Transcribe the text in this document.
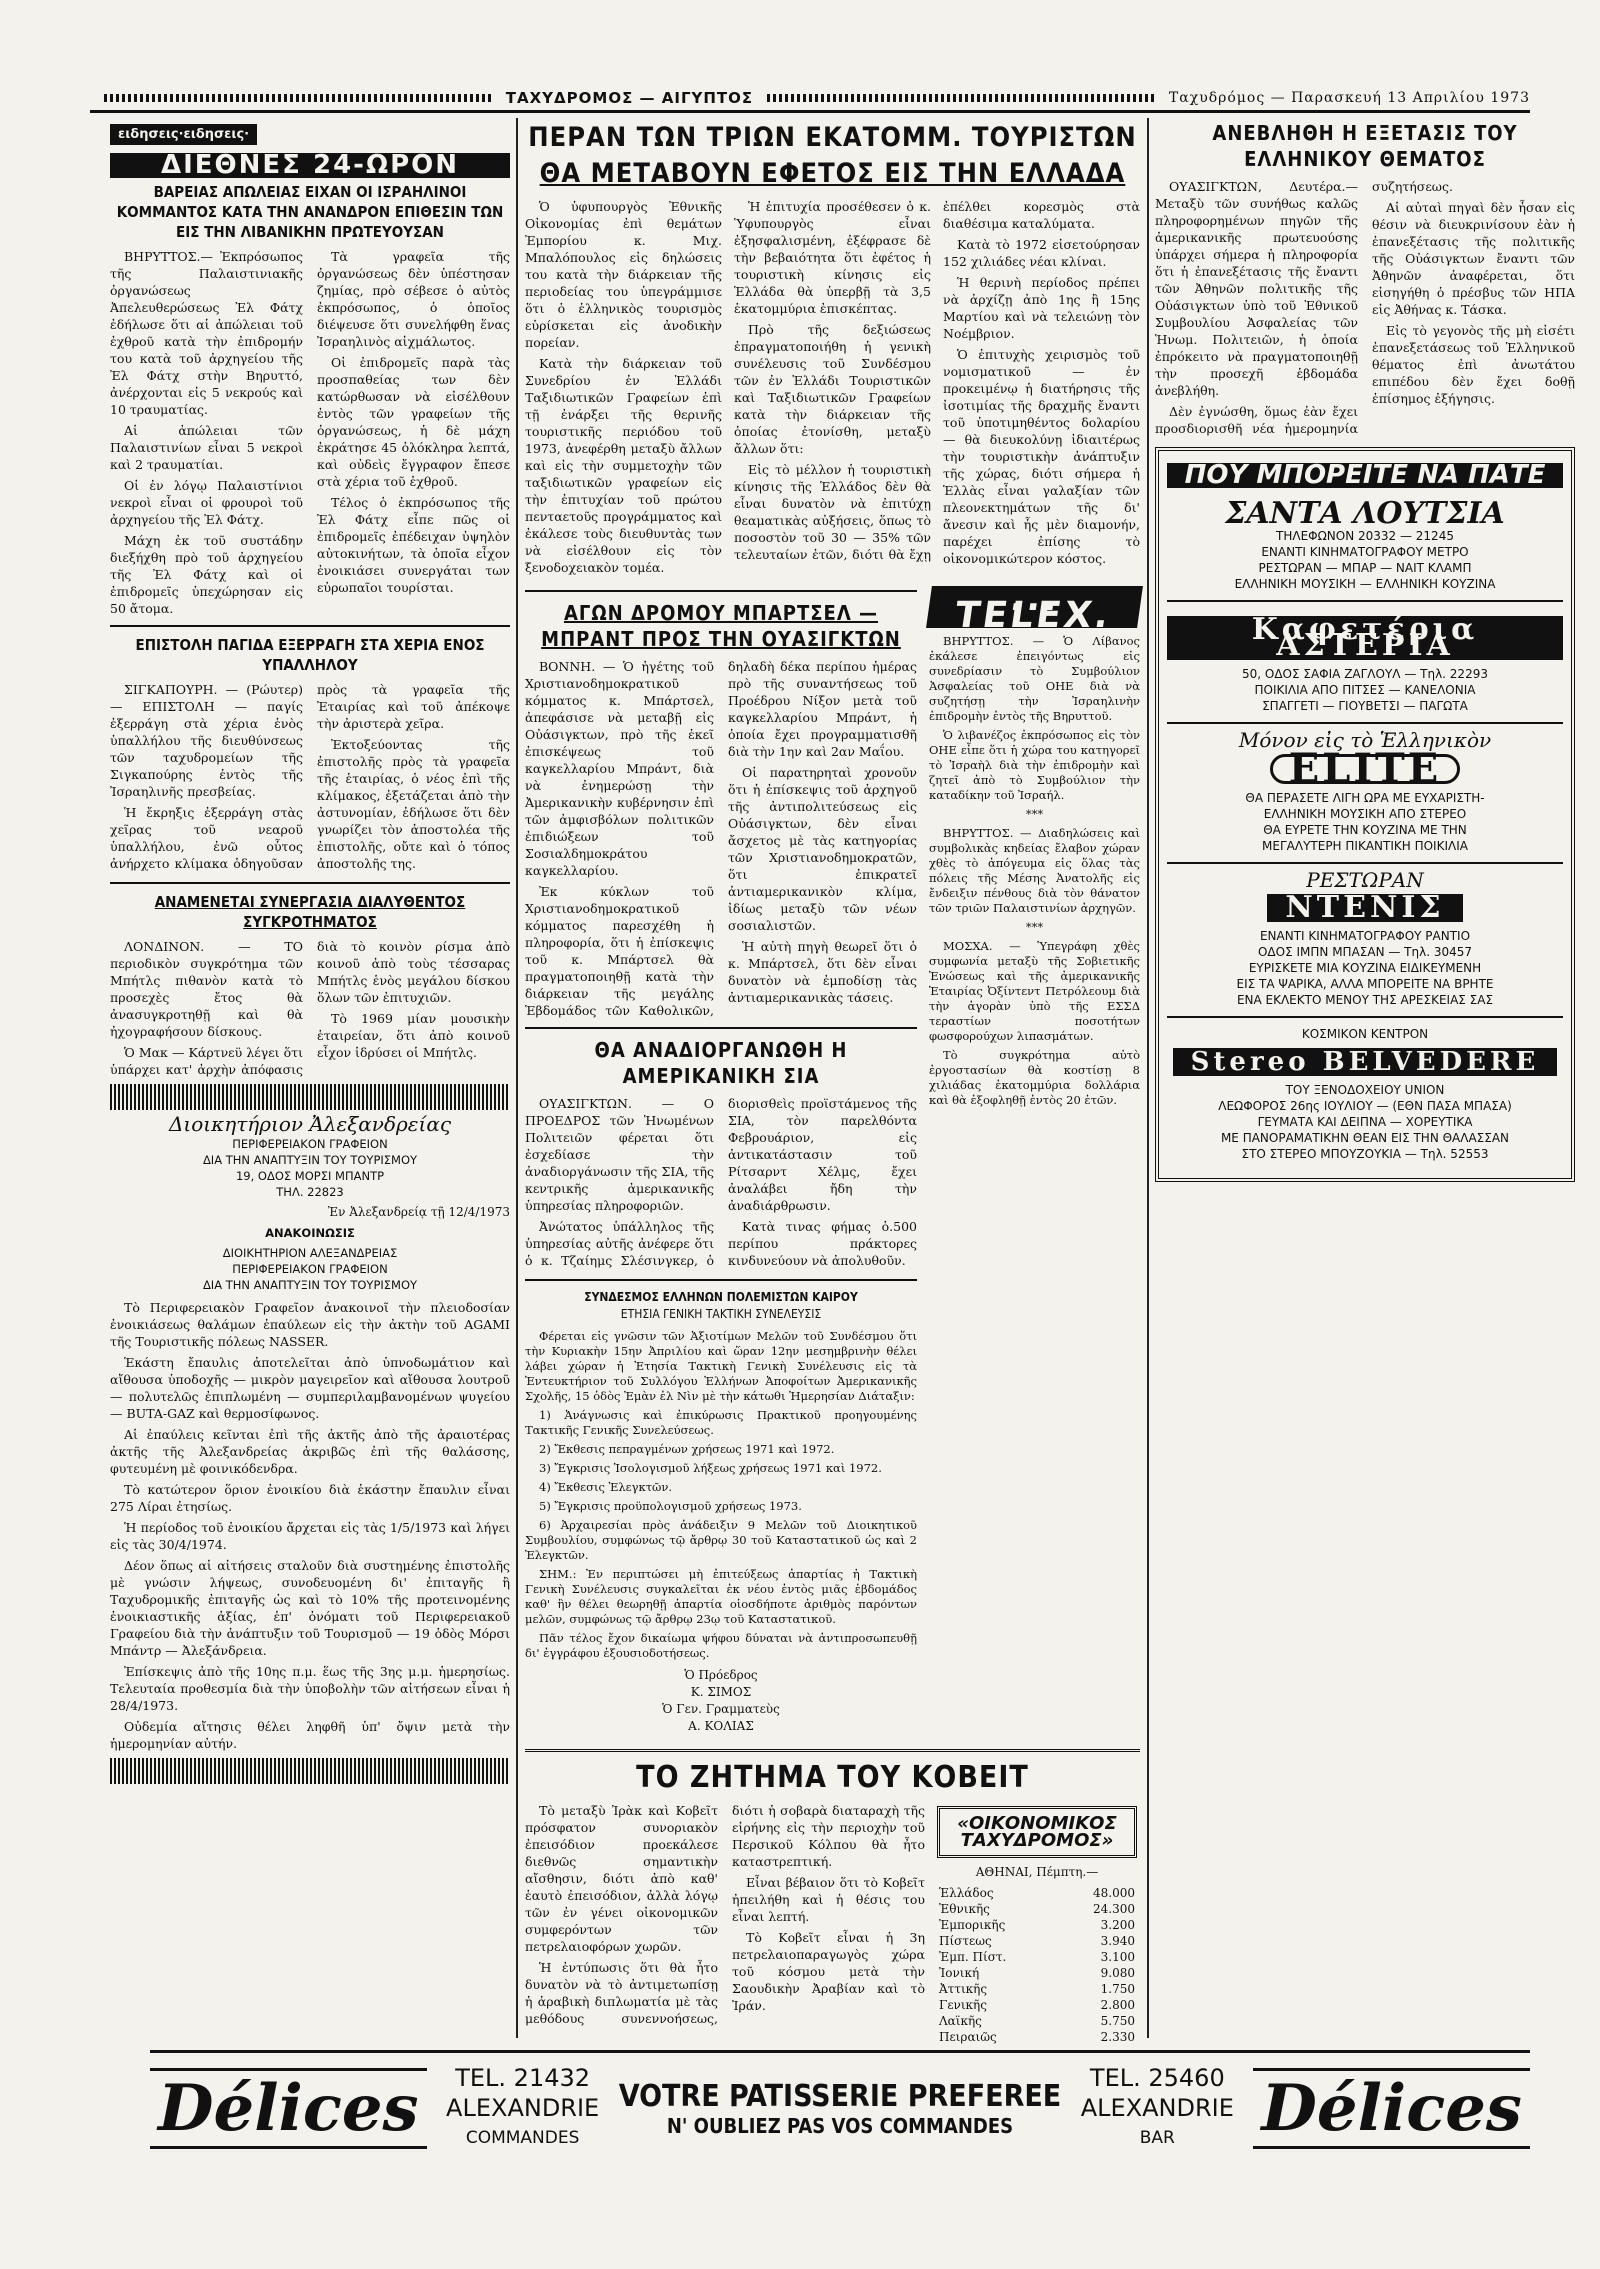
ΤΑΧΥΔΡΟΜΟΣ — ΑΙΓΥΠΤΟΣ	Ταχυδρόμος — Παρασκευή 13 Απριλίου 1973
ειδησεις·ειδησεις·
ΔΙΕΘΝΕΣ 24-ΩΡΟΝ
ΒΑΡΕΙΑΣ ΑΠΩΛΕΙΑΣ ΕΙΧΑΝ ΟΙ ΙΣΡΑΗΛΙΝΟΙ ΚΟΜΜΑΝΤΟΣ ΚΑΤΑ ΤΗΝ ΑΝΑΝΔΡΟΝ ΕΠΙΘΕΣΙΝ ΤΩΝ ΕΙΣ ΤΗΝ ΛΙΒΑΝΙΚΗΝ ΠΡΩΤΕΥΟΥΣΑΝ

ΒΗΡΥΤΤΟΣ.— Ἐκπρόσωπος τῆς Παλαιστινιακῆς ὀργανώσεως Ἀπελευθερώσεως Ἐλ Φάτχ ἐδήλωσε ὅτι αἱ ἀπώλειαι τοῦ ἐχθροῦ κατὰ τὴν ἐπιδρομήν του κατὰ τοῦ ἀρχηγείου τῆς Ἐλ Φάτχ στὴν Βηρυττό, ἀνέρχονται εἰς 5 νεκρούς καὶ 10 τραυματίας.

Αἱ ἀπώλειαι τῶν Παλαιστινίων εἶναι 5 νεκροὶ καὶ 2 τραυματίαι.

Οἱ ἐν λόγῳ Παλαιστίνιοι νεκροὶ εἶναι οἱ φρουροὶ τοῦ ἀρχηγείου τῆς Ἐλ Φάτχ.

Μάχη ἐκ τοῦ συστάδην διεξήχθη πρὸ τοῦ ἀρχηγείου τῆς Ἐλ Φάτχ καὶ οἱ ἐπιδρομεῖς ὑπεχώρησαν εἰς 50 ἄτομα.

Τὰ γραφεῖα τῆς ὀργανώσεως δὲν ὑπέστησαν ζημίας, πρὸ σέβεσε ὁ αὐτὸς ἐκπρόσωπος, ὁ ὁποῖος διέψευσε ὅτι συνελήφθη ἕνας Ἰσραηλινὸς αἰχμάλωτος.

Οἱ ἐπιδρομεῖς παρὰ τὰς προσπαθείας των δὲν κατώρθωσαν νὰ εἰσέλθουν ἐντὸς τῶν γραφείων τῆς ὀργανώσεως, ἡ δὲ μάχη ἐκράτησε 45 ὁλόκληρα λεπτά, καὶ οὐδεὶς ἔγγραφον ἔπεσε στὰ χέρια τοῦ ἐχθροῦ.

Τέλος ὁ ἐκπρόσωπος τῆς Ἐλ Φάτχ εἶπε πῶς οἱ ἐπιδρομεῖς ἐπέδειχαν ὑψηλὸν αὐτοκινήτων, τὰ ὁποῖα εἶχον ἐνοικιάσει συνεργάται των εὐρωπαῖοι τουρίσται.

ΕΠΙΣΤΟΛΗ ΠΑΓΙΔΑ ΕΞΕΡΡΑΓΗ ΣΤΑ ΧΕΡΙΑ ΕΝΟΣ ΥΠΑΛΛΗΛΟΥ

ΣΙΓΚΑΠΟΥΡΗ. — (Ρώυτερ) — ΕΠΙΣΤΟΛΗ — παγίς ἐξερράγη στὰ χέρια ἑνὸς ὑπαλλήλου τῆς διευθύνσεως τῶν ταχυδρομείων τῆς Σιγκαπούρης ἐντὸς τῆς Ἰσραηλινῆς πρεσβείας.

Ἡ ἔκρηξις ἐξερράγη στὰς χεῖρας τοῦ νεαροῦ ὑπαλλήλου, ἐνῶ οὗτος ἀνήρχετο κλίμακα ὁδηγοῦσαν πρὸς τὰ γραφεῖα τῆς Ἐταιρίας καὶ τοῦ ἀπέκοψε τὴν ἀριστερὰ χεῖρα.

Ἐκτοξεύοντας τῆς ἐπιστολῆς πρὸς τὰ γραφεῖα τῆς ἑταιρίας, ὁ νέος ἐπὶ τῆς κλίμακος, ἐξετάζεται ἀπὸ τὴν ἀστυνομίαν, ἐδήλωσε ὅτι δὲν γνωρίζει τὸν ἀποστολέα τῆς ἐπιστολῆς, οὔτε καὶ ὁ τόπος ἀποστολῆς της.

ΑΝΑΜΕΝΕΤΑΙ ΣΥΝΕΡΓΑΣΙΑ ΔΙΑΛΥΘΕΝΤΟΣ ΣΥΓΚΡΟΤΗΜΑΤΟΣ

ΛΟΝΔΙΝΟΝ. — ΤΟ περιοδικὸν συγκρότημα τῶν Μπήτλς πιθανὸν κατὰ τὸ προσεχὲς ἔτος θὰ ἀνασυγκροτηθῇ καὶ θὰ ἠχογραφήσουν δίσκους.

Ὁ Μακ — Κάρτνεϋ λέγει ὅτι ὑπάρχει κατ' ἀρχὴν ἀπόφασις διὰ τὸ κοινὸν ρίσμα ἀπὸ κοινοῦ ἀπὸ τοὺς τέσσαρας Μπήτλς ἑνὸς μεγάλου δίσκου ὅλων τῶν ἐπιτυχιῶν.

Τὸ 1969 μίαν μουσικὴν ἑταιρείαν, ὅτι ἀπὸ κοινοῦ εἶχον ἱδρύσει οἱ Μπήτλς.

Διοικητήριον Ἀλεξανδρείας
ΠΕΡΙΦΕΡΕΙΑΚΟΝ ΓΡΑΦΕΙΟΝ
ΔΙΑ ΤΗΝ ΑΝΑΠΤΥΞΙΝ ΤΟΥ ΤΟΥΡΙΣΜΟΥ
19, ΟΔΟΣ ΜΟΡΣΙ ΜΠΑΝΤΡ
ΤΗΛ. 22823
Ἐν Ἀλεξανδρείᾳ τῇ 12/4/1973
ΑΝΑΚΟΙΝΩΣΙΣ
ΔΙΟΙΚΗΤΗΡΙΟΝ ΑΛΕΞΑΝΔΡΕΙΑΣ
ΠΕΡΙΦΕΡΕΙΑΚΟΝ ΓΡΑΦΕΙΟΝ
ΔΙΑ ΤΗΝ ΑΝΑΠΤΥΞΙΝ ΤΟΥ ΤΟΥΡΙΣΜΟΥ

Τὸ Περιφερειακὸν Γραφεῖον ἀνακοινοῖ τὴν πλειοδοσίαν ἐνοικιάσεως θαλάμων ἐπαύλεων εἰς τὴν ἀκτὴν τοῦ AGAMI τῆς Τουριστικῆς πόλεως NASSER.

Ἑκάστη ἔπαυλις ἀποτελεῖται ἀπὸ ὑπνοδωμάτιον καὶ αἴθουσα ὑποδοχῆς — μικρὸν μαγειρεῖον καὶ αἴθουσα λουτροῦ — πολυτελῶς ἐπιπλωμένη — συμπεριλαμβανομένων ψυγείου — BUTA-GAZ καὶ θερμοσίφωνος.

Αἱ ἐπαύλεις κεῖνται ἐπὶ τῆς ἀκτῆς ἀπὸ τῆς ἀραιοτέρας ἀκτῆς τῆς Ἀλεξανδρείας ἀκριβῶς ἐπὶ τῆς θαλάσσης, φυτευμένη μὲ φοινικόδενδρα.

Τὸ κατώτερον ὅριον ἐνοικίου διὰ ἑκάστην ἔπαυλιν εἶναι 275 Λίραι ἐτησίως.

Ἡ περίοδος τοῦ ἐνοικίου ἄρχεται εἰς τὰς 1/5/1973 καὶ λήγει εἰς τὰς 30/4/1974.

Δέον ὅπως αἱ αἰτήσεις σταλοῦν διὰ συστημένης ἐπιστολῆς μὲ γνώσιν λήψεως, συνοδευομένη δι' ἐπιταγῆς ἢ Ταχυδρομικῆς ἐπιταγῆς ὡς καὶ τὸ 10% τῆς προτεινομένης ἐνοικιαστικῆς ἀξίας, ἐπ' ὀνόματι τοῦ Περιφερειακοῦ Γραφείου διὰ τὴν ἀνάπτυξιν τοῦ Τουρισμοῦ — 19 ὁδὸς Μόρσι Μπάντρ — Ἀλεξάνδρεια.

Ἐπίσκεψις ἀπὸ τῆς 10ης π.μ. ἕως τῆς 3ης μ.μ. ἡμερησίως. Τελευταία προθεσμία διὰ τὴν ὑποβολὴν τῶν αἰτήσεων εἶναι ἡ 28/4/1973.

Οὐδεμία αἴτησις θέλει ληφθῆ ὑπ' ὄψιν μετὰ τὴν ἡμερομηνίαν αὐτήν.

ΠΕΡΑΝ ΤΩΝ ΤΡΙΩΝ ΕΚΑΤΟΜΜ. ΤΟΥΡΙΣΤΩΝ
ΘΑ ΜΕΤΑΒΟΥΝ ΕΦΕΤΟΣ ΕΙΣ ΤΗΝ ΕΛΛΑΔΑ

Ὁ ὑφυπουργὸς Ἐθνικῆς Οἰκονομίας ἐπὶ θεμάτων Ἐμπορίου κ. Μιχ. Μπαλόπουλος εἰς δηλώσεις του κατὰ τὴν διάρκειαν τῆς περιοδείας του ὑπεγράμμισε ὅτι ὁ ἑλληνικὸς τουρισμὸς εὑρίσκεται εἰς ἀνοδικὴν πορείαν.

Κατὰ τὴν διάρκειαν τοῦ Συνεδρίου ἐν Ἑλλάδι Ταξιδιωτικῶν Γραφείων ἐπὶ τῇ ἐνάρξει τῆς θερινῆς τουριστικῆς περιόδου τοῦ 1973, ἀνεφέρθη μεταξὺ ἄλλων καὶ εἰς τὴν συμμετοχὴν τῶν ταξιδιωτικῶν γραφείων εἰς τὴν ἐπιτυχίαν τοῦ πρώτου πενταετοῦς προγράμματος καὶ ἐκάλεσε τοὺς διευθυντὰς των νὰ εἰσέλθουν εἰς τὸν ξενοδοχειακὸν τομέα.

Ἡ ἐπιτυχία προσέθεσεν ὁ κ. Ὑφυπουργὸς εἶναι ἐξησφαλισμένη, ἐξέφρασε δὲ τὴν βεβαιότητα ὅτι ἐφέτος ἡ τουριστικὴ κίνησις εἰς Ἑλλάδα θὰ ὑπερβῇ τὰ 3,5 ἑκατομμύρια ἐπισκέπτας.

Πρὸ τῆς δεξιώσεως ἐπραγματοποιήθη ἡ γενικὴ συνέλευσις τοῦ Συνδέσμου τῶν ἐν Ἑλλάδι Τουριστικῶν καὶ Ταξιδιωτικῶν Γραφείων κατὰ τὴν διάρκειαν τῆς ὁποίας ἐτονίσθη, μεταξὺ ἄλλων ὅτι:

Εἰς τὸ μέλλον ἡ τουριστικὴ κίνησις τῆς Ἑλλάδος δὲν θὰ εἶναι δυνατὸν νὰ ἐπιτύχῃ θεαματικὰς αὐξήσεις, ὅπως τὸ ποσοστὸν τοῦ 30 — 35% τῶν τελευταίων ἐτῶν, διότι θὰ ἔχῃ ἐπέλθει κορεσμὸς στὰ διαθέσιμα καταλύματα.

Κατὰ τὸ 1972 εἰσετούρησαν 152 χιλιάδες νέαι κλίναι.

Ἡ θερινὴ περίοδος πρέπει νὰ ἀρχίζῃ ἀπὸ 1ης ἢ 15ης Μαρτίου καὶ νὰ τελειώνῃ τὸν Νοέμβριον.

Ὁ ἐπιτυχὴς χειρισμὸς τοῦ νομισματικοῦ — ἐν προκειμένῳ ἡ διατήρησις τῆς ἰσοτιμίας τῆς δραχμῆς ἔναντι τοῦ ὑποτιμηθέντος δολαρίου — θὰ διευκολύνῃ ἰδιαιτέρως τὴν τουριστικὴν ἀνάπτυξιν τῆς χώρας, διότι σήμερα ἡ Ἑλλὰς εἶναι γαλαξίαν τῶν πλεονεκτημάτων τῆς δι' ἄνεσιν καὶ ἧς μὲν διαμονήν, παρέχει ἐπίσης τὸ οἰκονομικώτερον κόστος.

ΑΓΩΝ ΔΡΟΜΟΥ ΜΠΑΡΤΣΕΛ — ΜΠΡΑΝΤ ΠΡΟΣ ΤΗΝ ΟΥΑΣΙΓΚΤΩΝ

ΒΟΝΝΗ. — Ὁ ἡγέτης τοῦ Χριστιανοδημοκρατικοῦ κόμματος κ. Μπάρτσελ, ἀπεφάσισε νὰ μεταβῇ εἰς Οὐάσιγκτων, πρὸ τῆς ἐκεῖ ἐπισκέψεως τοῦ καγκελλαρίου Μπράντ, διὰ νὰ ἐνημερώσῃ τὴν Ἀμερικανικὴν κυβέρνησιν ἐπὶ τῶν ἀμφισβόλων πολιτικῶν ἐπιδιώξεων τοῦ Σοσιαλδημοκράτου καγκελλαρίου.

Ἐκ κύκλων τοῦ Χριστιανοδημοκρατικοῦ κόμματος παρεσχέθη ἡ πληροφορία, ὅτι ἡ ἐπίσκεψις τοῦ κ. Μπάρτσελ θὰ πραγματοποιηθῇ κατὰ τὴν διάρκειαν τῆς μεγάλης Ἑβδομάδος τῶν Καθολικῶν, δηλαδὴ δέκα περίπου ἡμέρας πρὸ τῆς συναντήσεως τοῦ Προέδρου Νίξον μετὰ τοῦ καγκελλαρίου Μπράντ, ἡ ὁποία ἔχει προγραμματισθῆ διὰ τὴν 1ην καὶ 2αν Μαΐου.

Οἱ παρατηρηταὶ χρονοῦν ὅτι ἡ ἐπίσκεψις τοῦ ἀρχηγοῦ τῆς ἀντιπολιτεύσεως εἰς Οὐάσιγκτων, δὲν εἶναι ἄσχετος μὲ τὰς κατηγορίας τῶν Χριστιανοδημοκρατῶν, ὅτι ἐπικρατεῖ ἀντιαμερικανικὸν κλίμα, ἰδίως μεταξὺ τῶν νέων σοσιαλιστῶν.

Ἡ αὐτὴ πηγὴ θεωρεῖ ὅτι ὁ κ. Μπάρτσελ, ὅτι δὲν εἶναι δυνατὸν νὰ ἐμποδίσῃ τὰς ἀντιαμερικανικὰς τάσεις.

ΘΑ ΑΝΑΔΙΟΡΓΑΝΩΘΗ Η ΑΜΕΡΙΚΑΝΙΚΗ ΣΙΑ

ΟΥΑΣΙΓΚΤΩΝ. — Ο ΠΡΟΕΔΡΟΣ τῶν Ἡνωμένων Πολιτειῶν φέρεται ὅτι ἐσχεδίασε τὴν ἀναδιοργάνωσιν τῆς ΣΙΑ, τῆς κεντρικῆς ἀμερικανικῆς ὑπηρεσίας πληροφοριῶν.

Ἀνώτατος ὑπάλληλος τῆς ὑπηρεσίας αὐτῆς ἀνέφερε ὅτι ὁ κ. Τζαίημς Σλέσινγκερ, ὁ διορισθεὶς προϊστάμενος τῆς ΣΙΑ, τὸν παρελθόντα Φεβρουάριον, εἰς ἀντικατάστασιν τοῦ Ρίτσαρντ Χέλμς, ἔχει ἀναλάβει ἤδη τὴν ἀναδιάρθρωσιν.

Κατὰ τινας φήμας ὁ.500 περίπου πράκτορες κινδυνεύουν νὰ ἀπολυθοῦν.

ΣΥΝΔΕΣΜΟΣ ΕΛΛΗΝΩΝ ΠΟΛΕΜΙΣΤΩΝ ΚΑΙΡΟΥ
ΕΤΗΣΙΑ ΓΕΝΙΚΗ ΤΑΚΤΙΚΗ ΣΥΝΕΛΕΥΣΙΣ

Φέρεται εἰς γνῶσιν τῶν Ἀξιοτίμων Μελῶν τοῦ Συνδέσμου ὅτι τὴν Κυριακὴν 15ην Ἀπριλίου καὶ ὥραν 12ην μεσημβρινὴν θέλει λάβει χώραν ἡ Ἐτησία Τακτικὴ Γενικὴ Συνέλευσις εἰς τὰ Ἐντευκτήριον τοῦ Συλλόγου Ἑλλήνων Ἀποφοίτων Ἀμερικανικῆς Σχολῆς, 15 ὁδὸς Ἐμὰν ἐλ Νὶν μὲ τὴν κάτωθι Ἡμερησίαν Διάταξιν:

1) Ἀνάγνωσις καὶ ἐπικύρωσις Πρακτικοῦ προηγουμένης Τακτικῆς Γενικῆς Συνελεύσεως.

2) Ἔκθεσις πεπραγμένων χρήσεως 1971 καὶ 1972.

3) Ἔγκρισις Ἰσολογισμοῦ λήξεως χρήσεως 1971 καὶ 1972.

4) Ἔκθεσις Ἐλεγκτῶν.

5) Ἔγκρισις προϋπολογισμοῦ χρήσεως 1973.

6) Ἀρχαιρεσίαι πρὸς ἀνάδειξιν 9 Μελῶν τοῦ Διοικητικοῦ Συμβουλίου, συμφώνως τῷ ἄρθρῳ 30 τοῦ Καταστατικοῦ ὡς καὶ 2 Ἐλεγκτῶν.

ΣΗΜ.: Ἐν περιπτώσει μὴ ἐπιτεύξεως ἀπαρτίας ἡ Τακτικὴ Γενικὴ Συνέλευσις συγκαλεῖται ἐκ νέου ἐντὸς μιᾶς ἑβδομάδος καθ' ἣν θέλει θεωρηθῇ ἀπαρτία οἱοσδήποτε ἀριθμὸς παρόντων μελῶν, συμφώνως τῷ ἄρθρῳ 23ῳ τοῦ Καταστατικοῦ.

Πᾶν τέλος ἔχον δικαίωμα ψήφου δύναται νὰ ἀντιπροσωπευθῇ δι' ἐγγράφου ἐξουσιοδοτήσεως.

Ὁ Πρόεδρος
Κ. ΣΙΜΟΣ
Ὁ Γεν. Γραμματεὺς
Α. ΚΟΛΙΑΣ
... TELEX.

ΒΗΡΥΤΤΟΣ. — Ὁ Λίβανος ἐκάλεσε ἐπειγόντως εἰς συνεδρίασιν τὸ Συμβούλιον Ἀσφαλείας τοῦ ΟΗΕ διὰ νὰ συζητήσῃ τὴν Ἰσραηλινὴν ἐπιδρομὴν ἐντὸς τῆς Βηρυττοῦ.

Ὁ λιβανέζος ἐκπρόσωπος εἰς τὸν ΟΗΕ εἶπε ὅτι ἡ χώρα του κατηγορεῖ τὸ Ἰσραὴλ διὰ τὴν ἐπιδρομὴν καὶ ζητεῖ ἀπὸ τὸ Συμβούλιον τὴν καταδίκην τοῦ Ἰσραήλ.

***

ΒΗΡΥΤΤΟΣ. — Διαδηλώσεις καὶ συμβολικὰς κηδείας ἔλαβον χώραν χθὲς τὸ ἀπόγευμα εἰς ὅλας τὰς πόλεις τῆς Μέσης Ἀνατολῆς εἰς ἔνδειξιν πένθους διὰ τὸν θάνατον τῶν τριῶν Παλαιστινίων ἀρχηγῶν.

***

ΜΟΣΧΑ. — Ὑπεγράφη χθὲς συμφωνία μεταξὺ τῆς Σοβιετικῆς Ἑνώσεως καὶ τῆς ἀμερικανικῆς Ἑταιρίας Ὀξίντεντ Πετρόλεουμ διὰ τὴν ἀγορὰν ὑπὸ τῆς ΕΣΣΔ τεραστίων ποσοτήτων φωσφορούχων λιπασμάτων.

Τὸ συγκρότημα αὐτὸ ἐργοστασίων θὰ κοστίσῃ 8 χιλιάδας ἑκατομμύρια δολλάρια καὶ θὰ ἐξοφληθῇ ἐντὸς 20 ἐτῶν.

ΤΟ ΖΗΤΗΜΑ ΤΟΥ ΚΟΒΕΙΤ

Τὸ μεταξὺ Ἰρὰκ καὶ Κοβεῖτ πρόσφατον συνοριακὸν ἐπεισόδιον προεκάλεσε διεθνῶς σημαντικὴν αἴσθησιν, διότι ἀπὸ καθ' ἑαυτὸ ἐπεισόδιον, ἀλλὰ λόγῳ τῶν ἐν γένει οἰκονομικῶν συμφερόντων τῶν πετρελαιοφόρων χωρῶν.

Ἡ ἐντύπωσις ὅτι θὰ ἦτο δυνατὸν νὰ τὸ ἀντιμετωπίσῃ ἡ ἀραβικὴ διπλωματία μὲ τὰς μεθόδους συνεννοήσεως, διότι ἡ σοβαρὰ διαταραχὴ τῆς εἰρήνης εἰς τὴν περιοχὴν τοῦ Περσικοῦ Κόλπου θὰ ἦτο καταστρεπτική.

Εἶναι βέβαιον ὅτι τὸ Κοβεῖτ ἠπειλήθη καὶ ἡ θέσις του εἶναι λεπτή.

Τὸ Κοβεῖτ εἶναι ἡ 3η πετρελαιοπαραγωγὸς χώρα τοῦ κόσμου μετὰ τὴν Σαουδικὴν Ἀραβίαν καὶ τὸ Ἰράν.

«ΟΙΚΟΝΟΜΙΚΟΣ ΤΑΧΥΔΡΟΜΟΣ»
ΑΘΗΝΑΙ, Πέμπτη.—
Ἑλλάδος	48.000
Ἐθνικῆς	24.300
Ἐμπορικῆς	3.200
Πίστεως	3.940
Ἐμπ. Πίστ.	3.100
Ἰονική	9.080
Ἀττικῆς	1.750
Γενικῆς	2.800
Λαϊκῆς	5.750
Πειραιῶς	2.330
ΑΝΕΒΛΗΘΗ Η ΕΞΕΤΑΣΙΣ ΤΟΥ ΕΛΛΗΝΙΚΟΥ ΘΕΜΑΤΟΣ

ΟΥΑΣΙΓΚΤΩΝ, Δευτέρα.— Μεταξὺ τῶν συνήθως καλῶς πληροφορημένων πηγῶν τῆς ἀμερικανικῆς πρωτευούσης ὑπάρχει σήμερα ἡ πληροφορία ὅτι ἡ ἐπανεξέτασις τῆς ἔναντι τῶν Ἀθηνῶν πολιτικῆς τῆς Οὐάσιγκτων ὑπὸ τοῦ Ἐθνικοῦ Συμβουλίου Ἀσφαλείας τῶν Ἡνωμ. Πολιτειῶν, ἡ ὁποία ἐπρόκειτο νὰ πραγματοποιηθῇ τὴν προσεχῆ ἑβδομάδα ἀνεβλήθη.

Δὲν ἐγνώσθη, ὅμως ἐὰν ἔχει προσδιορισθῆ νέα ἡμερομηνία συζητήσεως.

Αἱ αὐταὶ πηγαὶ δὲν ἦσαν εἰς θέσιν νὰ διευκρινίσουν ἐὰν ἡ ἐπανεξέτασις τῆς πολιτικῆς τῆς Οὐάσιγκτων ἔναντι τῶν Ἀθηνῶν ἀναφέρεται, ὅτι εἰσηγήθη ὁ πρέσβυς τῶν ΗΠΑ εἰς Ἀθήνας κ. Τάσκα.

Εἰς τὸ γεγονὸς τῆς μὴ εἰσέτι ἐπανεξετάσεως τοῦ Ἑλληνικοῦ θέματος ἐπὶ ἀνωτάτου επιπέδου δὲν ἔχει δοθῇ ἐπίσημος ἐξήγησις.

ΠΟΥ ΜΠΟΡΕΙΤΕ ΝΑ ΠΑΤΕ
ΣΑΝΤΑ ΛΟΥΤΣΙΑ
ΤΗΛΕΦΩΝΟΝ 20332 — 21245
ΕΝΑΝΤΙ ΚΙΝΗΜΑΤΟΓΡΑΦΟΥ ΜΕΤΡΟ
ΡΕΣΤΩΡΑΝ — ΜΠΑΡ — ΝΑΙΤ ΚΛΑΜΠ
ΕΛΛΗΝΙΚΗ ΜΟΥΣΙΚΗ — ΕΛΛΗΝΙΚΗ ΚΟΥΖΙΝΑ
Καφετέρια ΑΣΤΕΡΙΑ
50, ΟΔΟΣ ΣΑΦΙΑ ΖΑΓΛΟΥΛ — Τηλ. 22293
ΠΟΙΚΙΛΙΑ ΑΠΟ ΠΙΤΣΕΣ — ΚΑΝΕΛΟΝΙΑ
ΣΠΑΓΓΕΤΙ — ΓΙΟΥΒΕΤΣΙ — ΠΑΓΩΤΑ
Μόνον εἰς τὸ Ἑλληνικὸν
ELITE
ΘΑ ΠΕΡΑΣΕΤΕ ΛΙΓΗ ΩΡΑ ΜΕ ΕΥΧΑΡΙΣΤΗ-
ΕΛΛΗΝΙΚΗ ΜΟΥΣΙΚΗ ΑΠΟ ΣΤΕΡΕΟ
ΘΑ ΕΥΡΕΤΕ ΤΗΝ ΚΟΥΖΙΝΑ ΜΕ ΤΗΝ
ΜΕΓΑΛΥΤΕΡΗ ΠΙΚΑΝΤΙΚΗ ΠΟΙΚΙΛΙΑ
ΡΕΣΤΩΡΑΝ
ΝΤΕΝΙΣ
ΕΝΑΝΤΙ ΚΙΝΗΜΑΤΟΓΡΑΦΟΥ ΡΑΝΤΙΟ
ΟΔΟΣ ΙΜΠΝ ΜΠΑΣΑΝ — Τηλ. 30457
ΕΥΡΙΣΚΕΤΕ ΜΙΑ ΚΟΥΖΙΝΑ ΕΙΔΙΚΕΥΜΕΝΗ
ΕΙΣ ΤΑ ΨΑΡΙΚΑ, ΑΛΛΑ ΜΠΟΡΕΙΤΕ ΝΑ ΒΡΗΤΕ
ΕΝΑ ΕΚΛΕΚΤΟ ΜΕΝΟΥ ΤΗΣ ΑΡΕΣΚΕΙΑΣ ΣΑΣ
ΚΟΣΜΙΚΟΝ ΚΕΝΤΡΟΝ
Stereo BELVEDERE
ΤΟΥ ΞΕΝΟΔΟΧΕΙΟΥ UNION
ΛΕΩΦΟΡΟΣ 26ης ΙΟΥΛΙΟΥ — (ΕΘΝ ΠΑΣΑ ΜΠΑΣΑ)
ΓΕΥΜΑΤΑ ΚΑΙ ΔΕΙΠΝΑ — ΧΟΡΕΥΤΙΚΑ
ΜΕ ΠΑΝΟΡΑΜΑΤΙΚΗΝ ΘΕΑΝ ΕΙΣ ΤΗΝ ΘΑΛΑΣΣΑΝ
ΣΤΟ ΣΤΕΡΕΟ ΜΠΟΥΖΟΥΚΙΑ — Τηλ. 52553
Délices	TEL. 21432
ALEXANDRIE
COMMANDES
VOTRE PATISSERIE PREFEREE
N' OUBLIEZ PAS VOS COMMANDES
TEL. 25460
ALEXANDRIE
BAR	Délices
